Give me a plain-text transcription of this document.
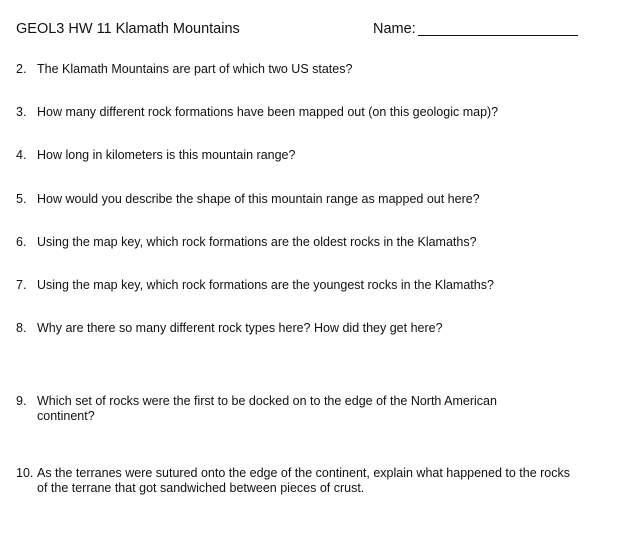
GEOL3 HW 11 Klamath Mountains	Name:
2. The Klamath Mountains are part of which two US states?
3. How many different rock formations have been mapped out (on this geologic map)?
4. How long in kilometers is this mountain range?
5. How would you describe the shape of this mountain range as mapped out here?
6. Using the map key, which rock formations are the oldest rocks in the Klamaths?
7. Using the map key, which rock formations are the youngest rocks in the Klamaths?
8. Why are there so many different rock types here? How did they get here?
9. Which set of rocks were the first to be docked on to the edge of the North American continent?
10. As the terranes were sutured onto the edge of the continent, explain what happened to the rocks of the terrane that got sandwiched between pieces of crust.
